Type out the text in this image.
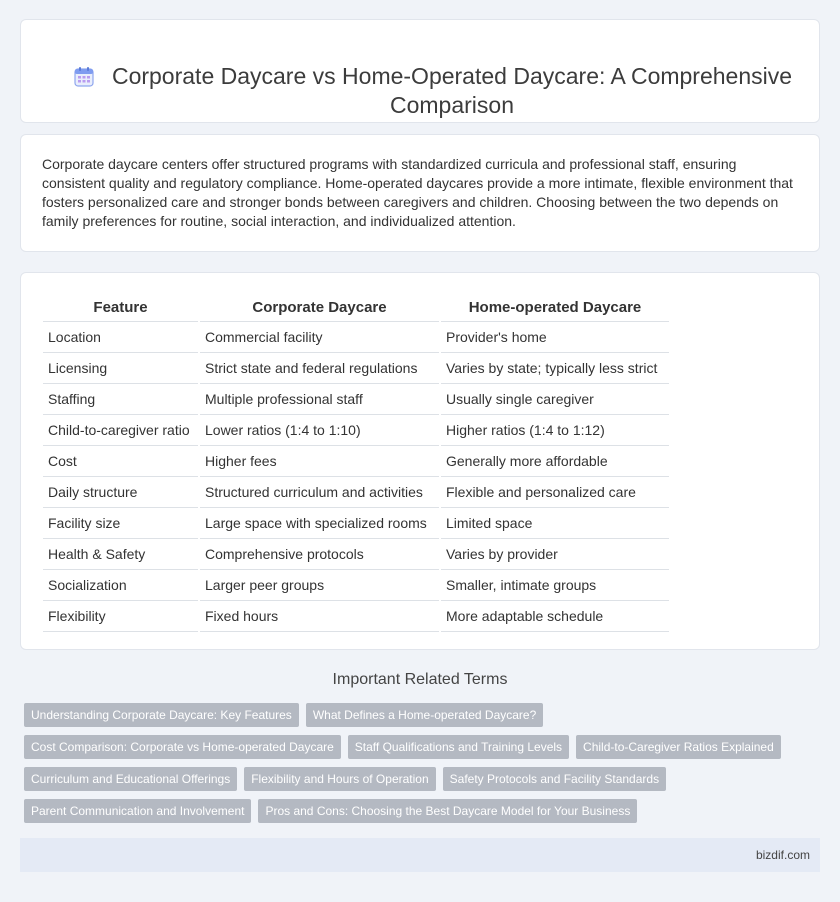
Corporate Daycare vs Home-Operated Daycare: A Comprehensive Comparison

Corporate daycare centers offer structured programs with standardized curricula and professional staff, ensuring consistent quality and regulatory compliance. Home-operated daycares provide a more intimate, flexible environment that fosters personalized care and stronger bonds between caregivers and children. Choosing between the two depends on family preferences for routine, social interaction, and individualized attention.

Feature	Corporate Daycare	Home-operated Daycare
Location	Commercial facility	Provider's home
Licensing	Strict state and federal regulations	Varies by state; typically less strict
Staffing	Multiple professional staff	Usually single caregiver
Child-to-caregiver ratio	Lower ratios (1:4 to 1:10)	Higher ratios (1:4 to 1:12)
Cost	Higher fees	Generally more affordable
Daily structure	Structured curriculum and activities	Flexible and personalized care
Facility size	Large space with specialized rooms	Limited space
Health & Safety	Comprehensive protocols	Varies by provider
Socialization	Larger peer groups	Smaller, intimate groups
Flexibility	Fixed hours	More adaptable schedule
Important Related Terms
Understanding Corporate Daycare: Key Features	What Defines a Home-operated Daycare?
Cost Comparison: Corporate vs Home-operated Daycare	Staff Qualifications and Training Levels	Child-to-Caregiver Ratios Explained
Curriculum and Educational Offerings	Flexibility and Hours of Operation	Safety Protocols and Facility Standards
Parent Communication and Involvement	Pros and Cons: Choosing the Best Daycare Model for Your Business
bizdif.com
